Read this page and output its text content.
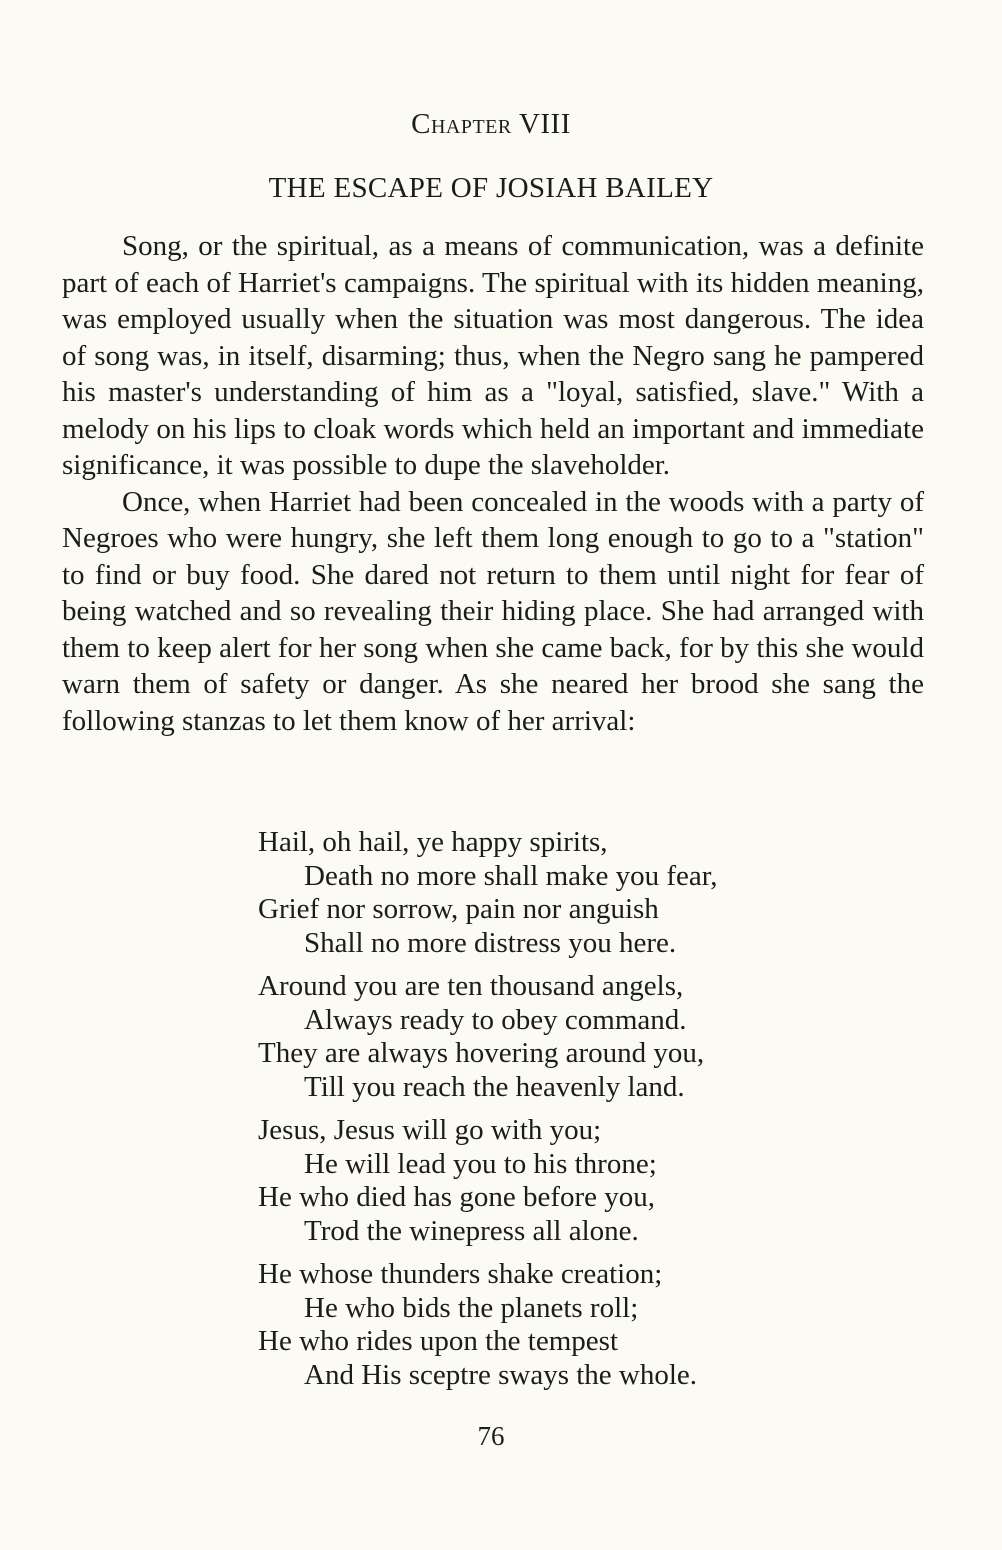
Chapter VIII
THE ESCAPE OF JOSIAH BAILEY

Song, or the spiritual, as a means of communication, was a definite part of each of Harriet's campaigns. The spiritual with its hidden meaning, was employed usually when the situation was most dangerous. The idea of song was, in itself, disarming; thus, when the Negro sang he pampered his master's understanding of him as a "loyal, satisfied, slave." With a melody on his lips to cloak words which held an important and immediate significance, it was possible to dupe the slaveholder.

Once, when Harriet had been concealed in the woods with a party of Negroes who were hungry, she left them long enough to go to a "station" to find or buy food. She dared not return to them until night for fear of being watched and so revealing their hiding place. She had arranged with them to keep alert for her song when she came back, for by this she would warn them of safety or danger. As she neared her brood she sang the following stanzas to let them know of her arrival:

Hail, oh hail, ye happy spirits,
Death no more shall make you fear,
Grief nor sorrow, pain nor anguish
Shall no more distress you here.
Around you are ten thousand angels,
Always ready to obey command.
They are always hovering around you,
Till you reach the heavenly land.
Jesus, Jesus will go with you;
He will lead you to his throne;
He who died has gone before you,
Trod the winepress all alone.
He whose thunders shake creation;
He who bids the planets roll;
He who rides upon the tempest
And His sceptre sways the whole.

76
